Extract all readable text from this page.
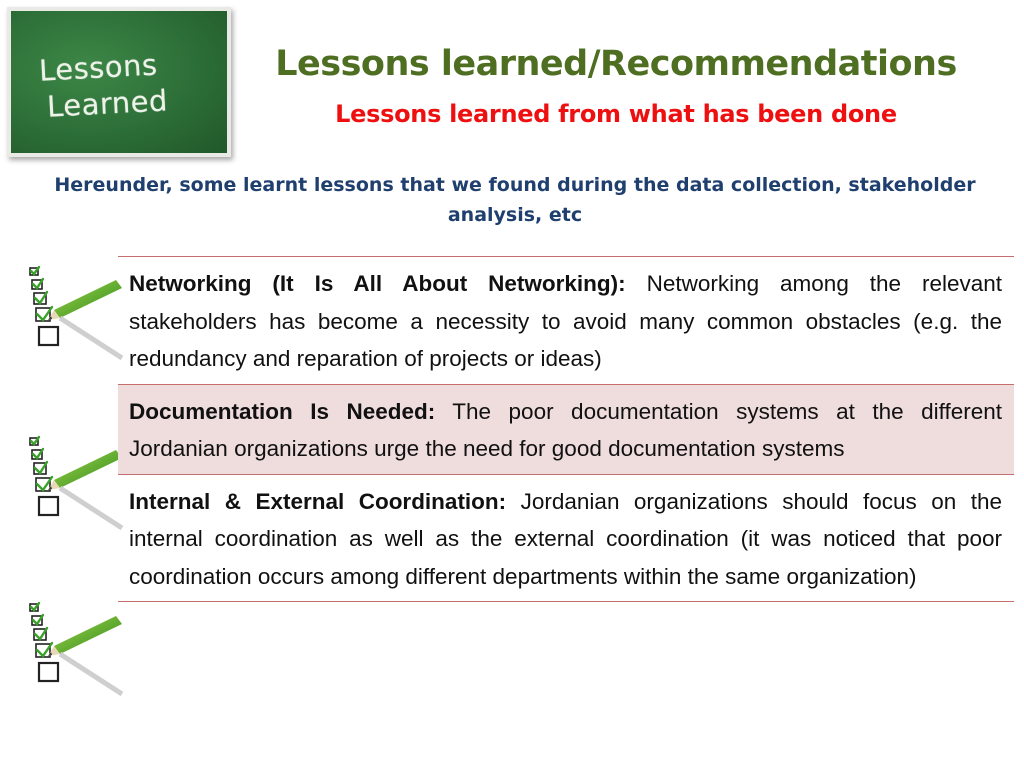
Lessons
Learned
Lessons learned/Recommendations
Lessons learned from what has been done
Hereunder, some learnt lessons that we found during the data collection, stakeholder analysis, etc
Networking (It Is All About Networking): Networking among the relevant stakeholders has become a necessity to avoid many common obstacles (e.g. the redundancy and reparation of projects or ideas)
Documentation Is Needed: The poor documentation systems at the different Jordanian organizations urge the need for good documentation systems
Internal & External Coordination: Jordanian organizations should focus on the internal coordination as well as the external coordination (it was noticed that poor coordination occurs among different departments within the same organization)
